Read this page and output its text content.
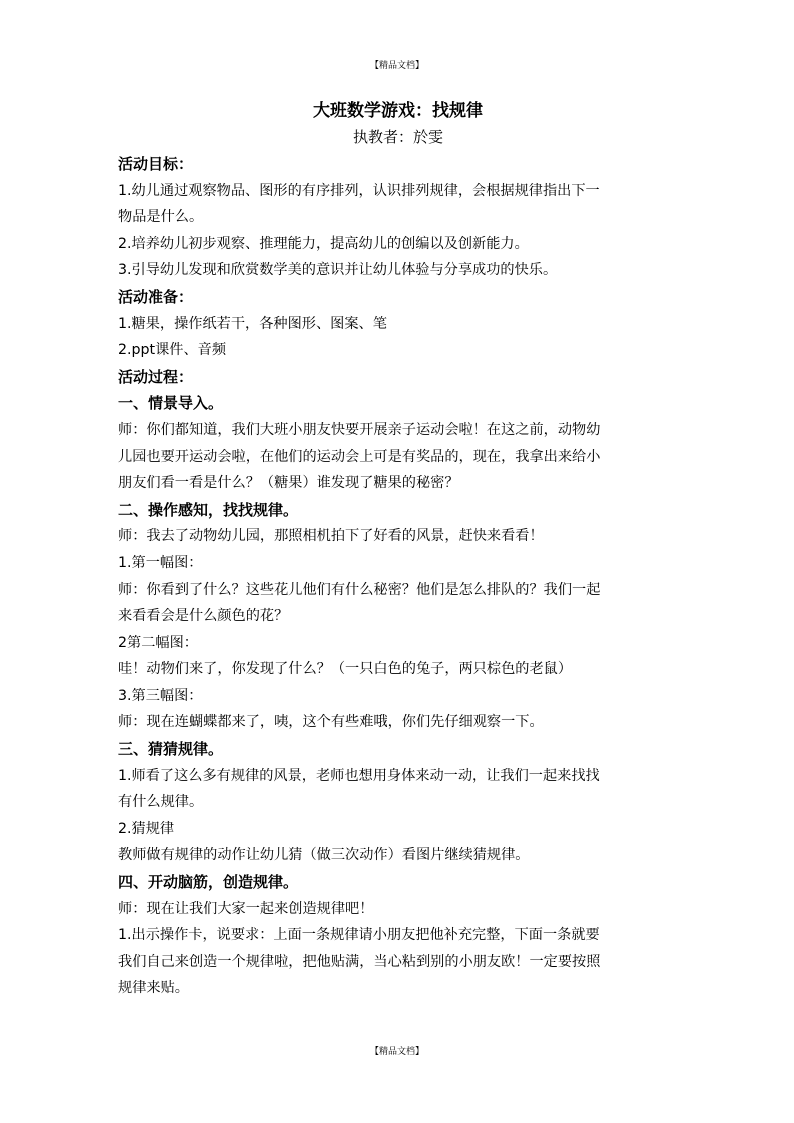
【精品文档】
大班数学游戏：找规律
执教者：於雯
活动目标：
1.幼儿通过观察物品、图形的有序排列，认识排列规律，会根据规律指出下一
物品是什么。
2.培养幼儿初步观察、推理能力，提高幼儿的创编以及创新能力。
3.引导幼儿发现和欣赏数学美的意识并让幼儿体验与分享成功的快乐。
活动准备：
1.糖果，操作纸若干，各种图形、图案、笔
2.ppt课件、音频
活动过程：
一、情景导入。
师：你们都知道，我们大班小朋友快要开展亲子运动会啦！在这之前，动物幼
儿园也要开运动会啦，在他们的运动会上可是有奖品的，现在，我拿出来给小
朋友们看一看是什么？（糖果）谁发现了糖果的秘密？
二、操作感知，找找规律。
师：我去了动物幼儿园，那照相机拍下了好看的风景，赶快来看看！
1.第一幅图：
师：你看到了什么？这些花儿他们有什么秘密？他们是怎么排队的？我们一起
来看看会是什么颜色的花？
2第二幅图：
哇！动物们来了，你发现了什么？（一只白色的兔子，两只棕色的老鼠）
3.第三幅图：
师：现在连蝴蝶都来了，咦，这个有些难哦，你们先仔细观察一下。
三、猜猜规律。
1.师看了这么多有规律的风景，老师也想用身体来动一动，让我们一起来找找
有什么规律。
2.猜规律
教师做有规律的动作让幼儿猜（做三次动作）看图片继续猜规律。
四、开动脑筋，创造规律。
师：现在让我们大家一起来创造规律吧！
1.出示操作卡，说要求：上面一条规律请小朋友把他补充完整，下面一条就要
我们自己来创造一个规律啦，把他贴满，当心粘到别的小朋友欧！一定要按照
规律来贴。
【精品文档】
